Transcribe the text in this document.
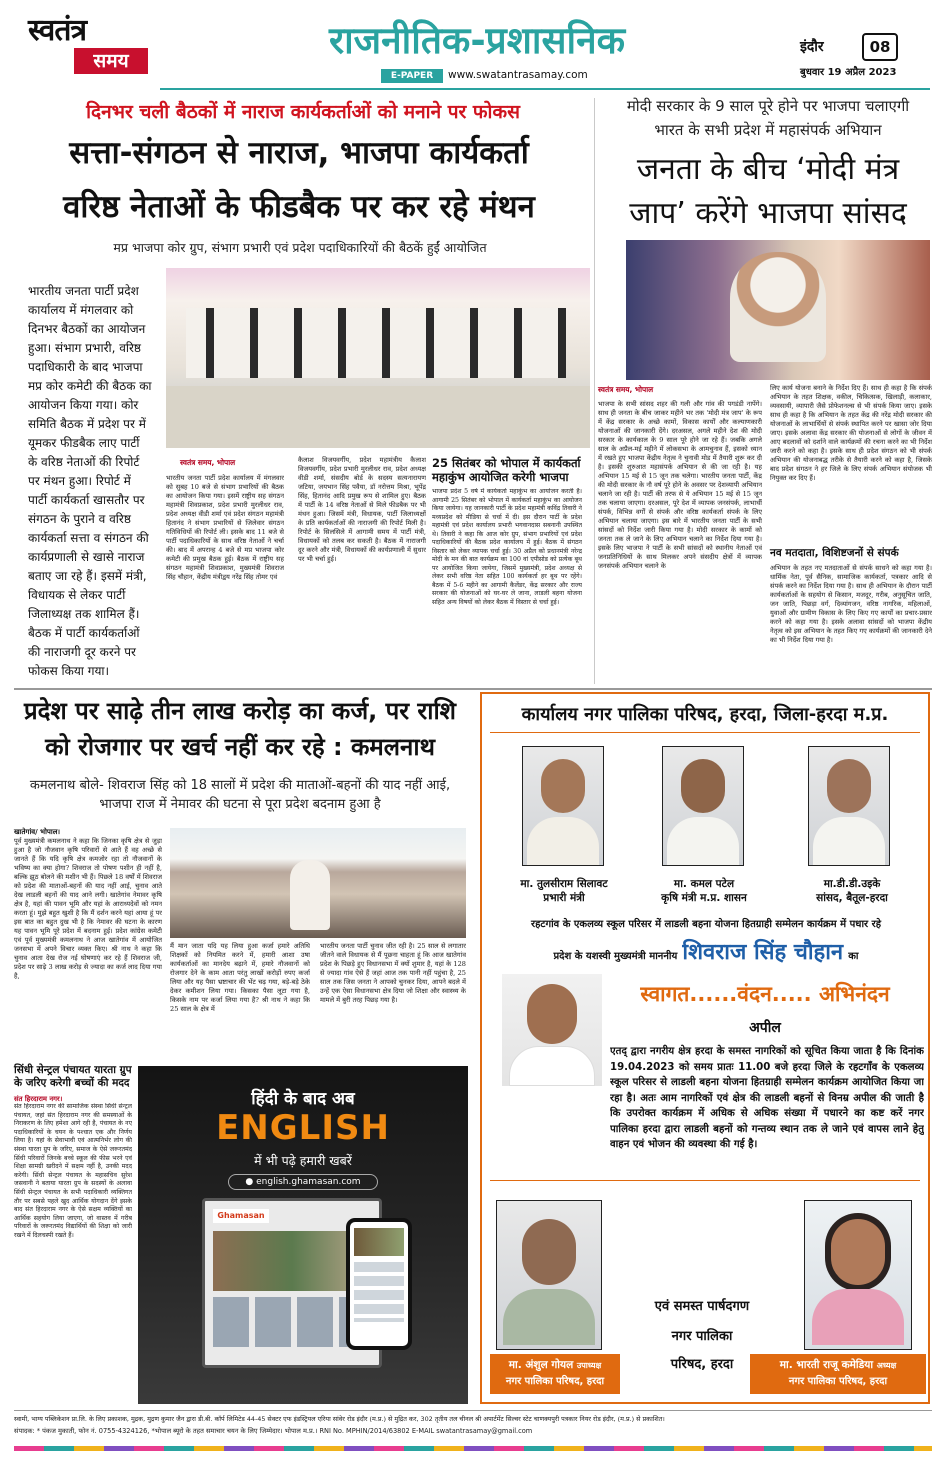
स्वतंत्र
समय	राजनीतिक-प्रशासनिक
E-PAPER	www.swatantrasamay.com
इंदौर	08
बुधवार 19 अप्रैल 2023
दिनभर चली बैठकों में नाराज कार्यकर्ताओं को मनाने पर फोकस
सत्ता-संगठन से नाराज, भाजपा कार्यकर्ता
वरिष्ठ नेताओं के फीडबैक पर कर रहे मंथन
मप्र भाजपा कोर ग्रुप, संभाग प्रभारी एवं प्रदेश पदाधिकारियों की बैठकें हुईं आयोजित
भारतीय जनता पार्टी प्रदेश कार्यालय में मंगलवार को दिनभर बैठकों का आयोजन हुआ। संभाग प्रभारी, वरिष्ठ पदाधिकारी के बाद भाजपा मप्र कोर कमेटी की बैठक का आयोजन किया गया। कोर समिति बैठक में प्रदेश पर में यूमकर फीडबैक लाए पार्टी के वरिष्ठ नेताओं की रिपोर्ट पर मंथन हुआ। रिपोर्ट में पार्टी कार्यकर्ता खासतौर पर संगठन के पुराने व वरिष्ठ कार्यकर्ता सत्ता व संगठन की कार्यप्रणाली से खासे नाराज बताए जा रहे हैं। इसमें मंत्री, विधायक से लेकर पार्टी जिलाध्यक्ष तक शामिल हैं। बैठक में पार्टी कार्यकर्ताओं की नाराजगी दूर करने पर फोकस किया गया।
स्वतंत्र समय, भोपाल
भारतीय जनता पार्टी प्रदेश कार्यालय में मंगलवार को सुबह 10 बजे से संभाग प्रभारियों की बैठक का आयोजन किया गया। इसमें राष्ट्रीय सह संगठन महामंत्री शिवप्रकाश, प्रदेश प्रभारी मुरलीधर राव, प्रदेश अध्यक्ष वीडी शर्मा एवं प्रदेश संगठन महामंत्री हितानंद ने संभाग प्रभारियों से जिलेवार संगठन गतिविधियों की रिपोर्ट ली। इसके बाद 11 बजे से पार्टी पदाधिकारियों के साथ वरिष्ठ नेताओं ने चर्चा की। बाद में अपरान्ह 4 बजे से मप्र भाजपा कोर कमेटी की प्रमुख बैठक हुई। बैठक में राष्ट्रीय सह संगठन महामंत्री शिवप्रकाश, मुख्यमंत्री शिवराज सिंह चौहान, केंद्रीय मंत्रीद्वय नरेंद्र सिंह तोमर एवं
कैलाश विजयवर्गीय, प्रदेश महामंत्रीय कैलाश विजयवर्गीय, प्रदेश प्रभारी मुरलीधर राव, प्रदेश अध्यक्ष वीडी शर्मा, संसदीय बोर्ड के सदस्य सत्यनारायण जटिया, जयभान सिंह पवैया, डॉ नरोत्तम मिश्रा, भूपेंद्र सिंह, हितानंद आदि प्रमुख रूप से शामिल हुए। बैठक में पार्टी के 14 वरिष्ठ नेताओं से मिले फीडबैक पर भी मंथन हुआ। जिसमें मंत्री, विधायक, पार्टी जिलाध्यक्षों के प्रति कार्यकर्ताओं की नाराजगी की रिपोर्ट मिली है। रिपोर्ट के सिलसिले में आगामी समय में पार्टी मंत्री, विधायकों को तलब कर सकती है। बैठक में नाराजगी दूर करने और मंत्री, विधायकों की कार्यप्रणाली में सुधार पर भी चर्चा हुई।
25 सितंबर को भोपाल में कार्यकर्ता महाकुंभ आयोजित करेगी भाजपा
भाजपा प्रदेश 5 वर्ष में कार्यकर्ता महाकुंभ का आयोजन करती है। आगामी 25 सितंबर को भोपाल में कार्यकर्ता महाकुंभ का आयोजन किया जायेगा। यह जानकारी पार्टी के प्रदेश महामंत्री कविंद्र तिवारी ने मध्यप्रदेश को मीडिया से चर्चा में दी। इस दौरान पार्टी के प्रदेश महामंत्री एवं प्रदेश कार्यालय प्रभारी भगवानदास सबनानी उपस्थित थे। तिवारी ने कहा कि आज कोर ग्रुप, संभाग प्रभारियों एवं प्रदेश पदाधिकारियों की बैठक प्रदेश कार्यालय में हुई। बैठक में संगठन विस्तार को लेकर व्यापक चर्चा हुई। 30 अप्रैल को प्रधानमंत्री नरेन्द्र मोदी के मन की बात कार्यक्रम का 100 वां एपीसोड को प्रत्येक बूथ पर आयोजित किया जायेगा, जिसमें मुख्यमंत्री, प्रदेश अध्यक्ष से लेकर सभी वरिष्ठ नेता सहित 100 कार्यकर्ता हर बूथ पर रहेंगे। बैठक में 5-6 महीने का आगामी कैलेंडर, केंद्र सरकार और राज्य सरकार की योजनाओं को घर-घर ले जाना, लाडली बहना योजना सहित अन्य विषयों को लेकर बैठक में विस्तार से चर्चा हुई।
मोदी सरकार के 9 साल पूरे होने पर भाजपा चलाएगी
भारत के सभी प्रदेश में महासंपर्क अभियान
जनता के बीच ‘मोदी मंत्र
जाप’ करेंगे भाजपा सांसद
स्वतंत्र समय, भोपाल
भाजपा के सभी सांसद शहर की गली और गांव की पगडंडी नापेंगे। साथ ही जनता के बीच जाकर महीने भर तक 'मोदी मंत्र जाप' के रूप में केंद्र सरकार के अच्छे कामों, विकास कार्यों और कल्याणकारी योजनाओं की जानकारी देंगे। दरअसल, अगले महीने देश की मोदी सरकार के कार्यकाल के 9 साल पूरे होने जा रहे हैं। जबकि अगले साल के अप्रैल-मई महीने में लोकसभा के आमचुनाव हैं, इसको ध्यान में रखते हुए भाजपा केंद्रीय नेतृत्व ने चुनावी मोड में तैयारी शुरू कर दी है। इसकी शुरुआत महासंपर्क अभियान से की जा रही है। यह अभियान 15 मई से 15 जून तक चलेगा। भारतीय जनता पार्टी, केंद्र की मोदी सरकार के नौ वर्ष पूरे होने के अवसर पर देशव्यापी अभियान चलाने जा रही है। पार्टी की तरफ से ये अभियान 15 मई से 15 जून तक चलाया जाएगा। दरअसल, पूरे देश में व्यापक जनसंपर्क, लाभार्थी संपर्क, विभिन्न वर्गों से संपर्क और वरिष्ठ कार्यकर्ता संपर्क के लिए अभियान चलाया जाएगा। इस बारे में भारतीय जनता पार्टी के सभी सांसदों को निर्देश जारी किया गया है। मोदी सरकार के कामों को जनता तक ले जाने के लिए अभियान चलाने का निर्देश दिया गया है। इसके लिए भाजपा ने पार्टी के सभी सांसदों को स्थानीय नेताओं एवं जनप्रतिनिधियों के साथ मिलकर अपने संसदीय क्षेत्रों में व्यापक जनसंपर्क अभियान चलाने के
लिए कार्य योजना बनाने के निर्देश दिए हैं। साथ ही कहा है कि संपर्क अभियान के तहत शिक्षक, वकील, चिकित्सक, खिलाड़ी, कलाकार, व्यवसायी, व्यापारी जैसे प्रोफेशनल्स से भी संपर्क किया जाए। इसके साथ ही कहा है कि अभियान के तहत केंद्र की नरेंद्र मोदी सरकार की योजनाओं के लाभार्थियों से संपर्क स्थापित करने पर खासा जोर दिया जाए। इसके अलावा केंद्र सरकार की योजनाओं से लोगों के जीवन में आए बदलावों को दर्शाने वाले कार्यक्रमों की रचना करने का भी निर्देश जारी करने को कहा है। इसके साथ ही प्रदेश संगठन को भी संपर्क अभियान की योजनाबद्ध तरीके से तैयारी करने को कहा है, जिसके बाद प्रदेश संगठन ने हर जिले के लिए संपर्क अभियान संयोजक भी नियुक्त कर दिए हैं।
नव मतदाता, विशिष्टजनों से संपर्क
अभियान के तहत नए मतदाताओं से संपर्क साधने को कहा गया है। धार्मिक नेता, पूर्व सैनिक, सामाजिक कार्यकर्ता, पत्रकार आदि से संपर्क करने का निर्देश दिया गया है। साथ ही अभियान के दौरान पार्टी कार्यकर्ताओं के सहयोग से किसान, मजदूर, गरीब, अनुसूचित जाति, जन जाति, पिछड़ा वर्ग, दिव्यांगजन, वरिष्ठ नागरिक, महिलाओं, युवाओं और ग्रामीण विकास के लिए किए गए कार्यों का प्रचार-प्रसार करने को कहा गया है। इसके अलावा सांसदों को भाजपा केंद्रीय नेतृत्व को इस अभियान के तहत किए गए कार्यक्रमों की जानकारी देने का भी निर्देश दिया गया है।
प्रदेश पर साढ़े तीन लाख करोड़ का कर्ज, पर राशि
को रोजगार पर खर्च नहीं कर रहे : कमलनाथ
कमलनाथ बोले- शिवराज सिंह को 18 सालों में प्रदेश की माताओं-बहनों की याद नहीं आई, भाजपा राज में नेमावर की घटना से पूरा प्रदेश बदनाम हुआ है
खातेगांव/ भोपाल।
पूर्व मुख्यमंत्री कमलनाथ ने कहा कि जिनका कृषि क्षेत्र से जुड़ा हुआ है जो नौजवान कृषि परिवारों से आते हैं वह अच्छे से जानते हैं कि यदि कृषि क्षेत्र कमजोर रहा तो नौजवानों के भविष्य का क्या होगा? शिवराज तो पोषण पशीन ही नहीं है, बल्कि झूठ बोलने की मशीन भी हैं। पिछले 18 वर्षों में शिवराज को प्रदेश की माताओं-बहनों की याद नहीं आई, चुनाव आते देख लाडली बहनों की याद आने लगी। खातेगांव नेमावर कृषि क्षेत्र है, यहां की पावन भूमि और यहां के आराध्यदेवों को नमन करता हूं। मुझे बहुत खुशी है कि मैं दर्शन करने यहां आया हूं पर इस बात का बहुत दुख भी है कि नेमावर की घटना के कारण यह पावन भूमि पूरे प्रदेश में बदनाम हुई। प्रदेश कांग्रेस कमेटी एवं पूर्व मुख्यमंत्री कमलनाथ ने आज खातेगांव में आयोजित जनसभा में अपने विचार व्यक्त किए। श्री नाथ ने कहा कि चुनाव आता देख रोज नई घोषणाएं कर रहे हैं शिवराज जी, प्रदेश पर साढ़े 3 लाख करोड़ से ज्यादा का कर्ज लाद दिया गया है,
मैं मान जाता यदि यह लिया हुआ कर्जा हमारे अतिथि शिक्षकों को नियमित करने में, हमारी आशा उषा कार्यकर्ताओं का मानदेय बढ़ाने में, हमारे नौजवानों को रोजगार देने के काम आता परंतु लाखों करोड़ों रुपए कर्जा लिया और यह पैसा भ्रष्टाचार की भेंट चढ़ गया, बड़े-बड़े ठेके देकर कमीशन लिया गया। किसका पैसा लूटा गया है, किसके नाम पर कर्जा लिया गया है? श्री नाथ ने कहा कि 25 साल के क्षेत्र में
भारतीय जनता पार्टी चुनाव जीत रही है। 25 साल से लगातार जीतने वाले विधायक से मैं पूछना चाहता हूं कि आज खातेगांव प्रदेश के पिछड़े हुए विधानसभा में क्यों शुमार है, यहां के 128 से ज्यादा गांव ऐसे हैं जहां आज तक पानी नहीं पहुंचा है, 25 साल तक जिस जनता ने आपको चुनकर दिया, आपने बदले में उन्हें एक ऐसा विधानसभा क्षेत्र दिया जो शिक्षा और स्वास्थ्य के मामले में बुरी तरह पिछड़ गया है।
सिंधी सेन्ट्रल पंचायत यारता ग्रुप के जरिए करेगी बच्चों की मदद
संत हिरदाराम नगर।
संत हिरदाराम नगर की सामाजिक संस्था सिंधी सेन्ट्रल पंचायत, जहां संत हिरदाराम नगर की समस्याओं के निराकरण के लिए हमेशा आगे रही है, पंचायत के नए पदाधिकारियों के चयन के पश्चात एक और निर्णय लिया है। यहां के सेवाभावी एवं आत्मनिर्भर लोग की संस्था यारता ग्रुप के जरिए, समाज के ऐसे जरूरतमंद सिंधी परिवारों जिनके बच्चे स्कूल की फीस भरने एवं शिक्षा सामग्री खरीदने में सक्षम नहीं है, उनकी मदद करेगी। सिंधी सेन्ट्रल पंचायत के महासचिव सुरेश जसवानी ने बताया यारता ग्रुप के सदस्यों के अलावा सिंधी सेन्ट्रल पंचायत के सभी पदाधिकारी व्यक्तिगत तौर पर सबसे पहले खुद आर्थिक योगदान देंगे इसके बाद संत हिरदाराम नगर के ऐसे सक्षम व्यक्तियों का आर्थिक सहयोग लिया जाएगा, जो वास्तव में गरीब परिवारों के जरूरतमंद विद्यार्थियों की शिक्षा को जारी रखने में दिलचस्पी रखते हैं।
हिंदी के बाद अब
ENGLISH
में भी पढ़े हमारी खबरें
● english.ghamasan.com
Ghamasan
कार्यालय नगर पालिका परिषद, हरदा, जिला-हरदा म.प्र.
मा. तुलसीराम सिलावट
प्रभारी मंत्री
मा. कमल पटेल
कृषि मंत्री म.प्र. शासन
मा.डी.डी.उइके
सांसद, बैतूल-हरदा
रहटगांव के एकलव्य स्कूल परिसर में लाडली बहना योजना हितग्राही सम्मेलन कार्यक्रम में पधार रहे
प्रदेश के यशस्वी मुख्यमंत्री माननीय शिवराज सिंह चौहान का
स्वागत......वंदन..... अभिनंदन
अपील
एतद् द्वारा नगरीय क्षेत्र हरदा के समस्त नागरिकों को सूचित किया जाता है कि दिनांक 19.04.2023 को समय प्रातः 11.00 बजे हरदा जिले के रहटगाँव के एकलव्य स्कूल परिसर से लाडली बहना योजना हितग्राही सम्मेलन कार्यक्रम आयोजित किया जा रहा है। अतः आम नागरिकों एवं क्षेत्र की लाडली बहनों से विनम्र अपील की जाती है कि उपरोक्त कार्यक्रम में अधिक से अधिक संख्या में पधारने का कष्ट करें नगर पालिका हरदा द्वारा लाडली बहनों को गन्तव्य स्थान तक ले जाने एवं वापस लाने हेतु वाहन एवं भोजन की व्यवस्था की गई है।
मा. अंशुल गोयल उपाध्यक्ष
नगर पालिका परिषद, हरदा
एवं समस्त पार्षदगण
नगर पालिका
परिषद, हरदा	मा. भारती राजू कमेडिया अध्यक्ष
नगर पालिका परिषद, हरदा
स्वामी, भाग्य पब्लिकेशन प्रा.लि. के लिए प्रकाशक, मुद्रक, मुद्रण कुमार जैन द्वारा डी.बी. कॉर्प लिमिटेड 44-45 सेक्टर एफ इंडस्ट्रियल एरिया सांवेर रोड इंदौर (म.प्र.) से मुद्रित कर, 302 तृतीय तल चीनल श्री अपार्टमेंट सिल्वर स्टेट चाणक्यपुरी पत्रकार नियर रोड इंदौर, (म.प्र.) से प्रकाशित।
संपादक: * पंकज मुकाती, फोन नं. 0755-4324126, *भोपाल ब्यूरो के तहत समाचार चयन के लिए जिम्मेदार। भोपाल म.प्र.। RNI No. MPHIN/2014/63802 E-MAIL swatantrasamay@gmail.com
